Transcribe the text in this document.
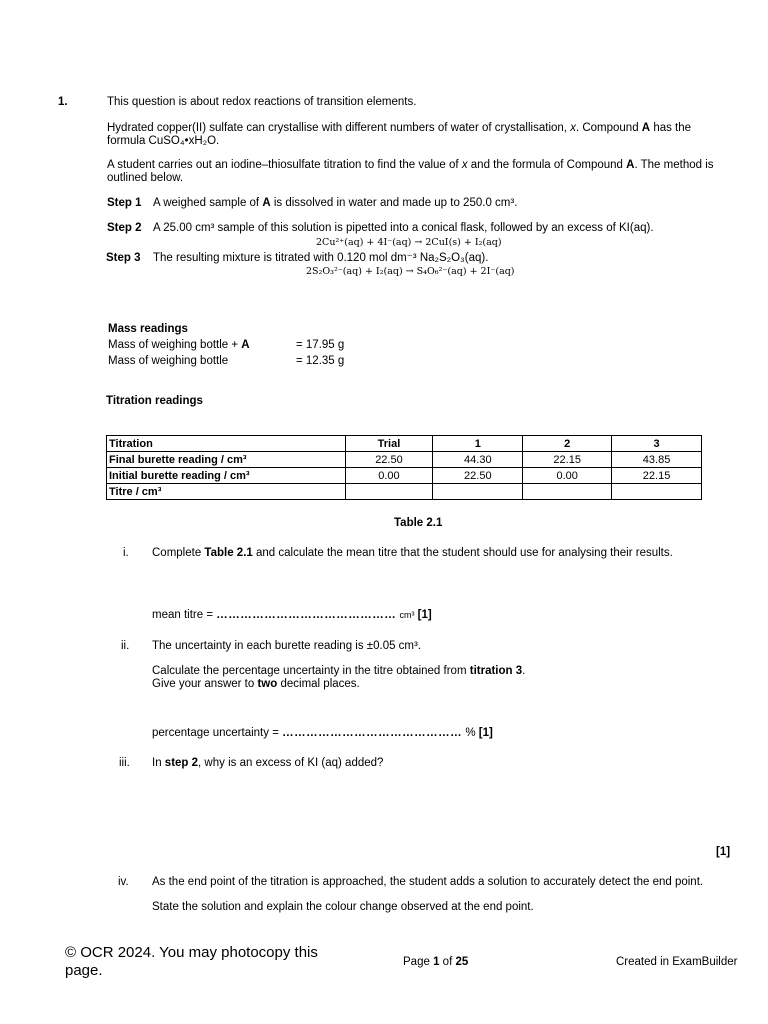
1.	This question is about redox reactions of transition elements.
Hydrated copper(II) sulfate can crystallise with different numbers of water of crystallisation, x. Compound A has the
formula CuSO₄•xH₂O.
A student carries out an iodine–thiosulfate titration to find the value of x and the formula of Compound A. The method is
outlined below.
Step 1 A weighed sample of A is dissolved in water and made up to 250.0 cm³.
Step 2 A 25.00 cm³ sample of this solution is pipetted into a conical flask, followed by an excess of KI(aq).
2Cu²⁺(aq) + 4I⁻(aq) → 2CuI(s) + I₂(aq)
Step 3 The resulting mixture is titrated with 0.120 mol dm⁻³ Na₂S₂O₃(aq).
2S₂O₃²⁻(aq) + I₂(aq) → S₄O₆²⁻(aq) + 2I⁻(aq)
Mass readings
Mass of weighing bottle + A	= 17.95 g
Mass of weighing bottle	= 12.35 g
Titration readings
Titration	Trial	1	2	3
Final burette reading / cm³	22.50	44.30	22.15	43.85
Initial burette reading / cm³	0.00	22.50	0.00	22.15
Titre / cm³				
Table 2.1
i. Complete Table 2.1 and calculate the mean titre that the student should use for analysing their results.
mean titre = ……………………………………… cm³ [1]
ii. The uncertainty in each burette reading is ±0.05 cm³.
Calculate the percentage uncertainty in the titre obtained from titration 3.
Give your answer to two decimal places.
percentage uncertainty = ……………………………………… % [1]
iii. In step 2, why is an excess of KI (aq) added?
[1]
iv. As the end point of the titration is approached, the student adds a solution to accurately detect the end point.
State the solution and explain the colour change observed at the end point.
© OCR 2024. You may photocopy this
page.	Page 1 of 25	Created in ExamBuilder
